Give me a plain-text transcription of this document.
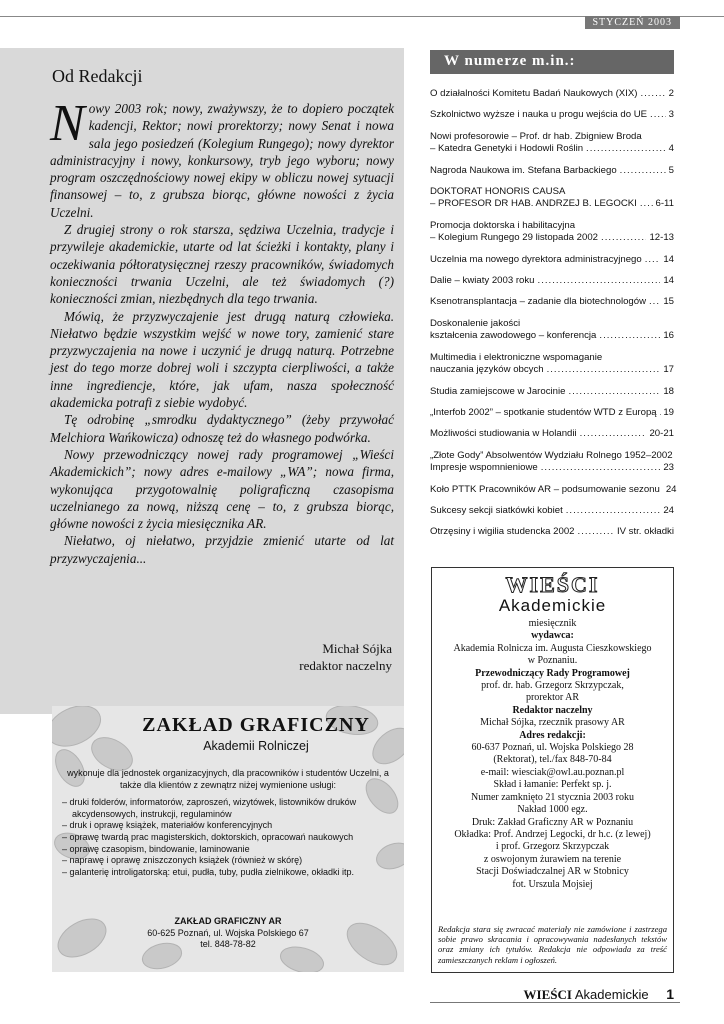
STYCZEŃ 2003
Od Redakcji

Nowy 2003 rok; nowy, zważywszy, że to dopiero początek kadencji, Rektor; nowi prorektorzy; nowy Senat i nowa sala jego posiedzeń (Kolegium Rungego); nowy dyrektor administracyjny i nowy, konkursowy, tryb jego wyboru; nowy program oszczędnościowy nowej ekipy w obliczu nowej sytuacji finansowej – to, z grubsza biorąc, główne nowości z życia Uczelni.

Z drugiej strony o rok starsza, sędziwa Uczelnia, tradycje i przywileje akademickie, utarte od lat ścieżki i kontakty, plany i oczekiwania półtoratysięcznej rzeszy pracowników, świadomych konieczności trwania Uczelni, ale też świadomych (?) konieczności zmian, niezbędnych dla tego trwania.

Mówią, że przyzwyczajenie jest drugą naturą człowieka. Niełatwo będzie wszystkim wejść w nowe tory, zamienić stare przyzwyczajenia na nowe i uczynić je drugą naturą. Potrzebne jest do tego morze dobrej woli i szczypta cierpliwości, a także inne ingrediencje, które, jak ufam, nasza społeczność akademicka potrafi z siebie wydobyć.

Tę odrobinę „smrodku dydaktycznego” (żeby przywołać Melchiora Wańkowicza) odnoszę też do własnego podwórka.

Nowy przewodniczący nowej rady programowej „Wieści Akademickich”; nowy adres e-mailowy „WA”; nowa firma, wykonująca przygotowalnię poligraficzną czasopisma uczelnianego za nową, niższą cenę – to, z grubsza biorąc, główne nowości z życia miesięcznika AR.

Niełatwo, oj niełatwo, przyjdzie zmienić utarte od lat przyzwyczajenia...

Michał Sójka
redaktor naczelny
ZAKŁAD GRAFICZNY
Akademii Rolniczej
wykonuje dla jednostek organizacyjnych, dla pracowników i studentów Uczelni, a także dla klientów z zewnątrz niżej wymienione usługi:
– druki folderów, informatorów, zaproszeń, wizytówek, listowników druków akcydensowych, instrukcji, regulaminów
– druk i oprawę książek, materiałów konferencyjnych
– oprawę twardą prac magisterskich, doktorskich, opracowań naukowych
– oprawę czasopism, bindowanie, laminowanie
– naprawę i oprawę zniszczonych książek (również w skórę)
– galanterię introligatorską: etui, pudła, tuby, pudła zielnikowe, okładki itp.
ZAKŁAD GRAFICZNY AR
60-625 Poznań, ul. Wojska Polskiego 67
tel. 848-78-82
W numerze m.in.:
O działalności Komitetu Badań Naukowych (XIX) .....	2
Szkolnictwo wyższe i nauka u progu wejścia do UE ..... 3
Nowi profesorowie – Prof. dr hab. Zbigniew Broda
– Katedra Genetyki i Hodowli Roślin .....	4
Nagroda Naukowa im. Stefana Barbackiego .....	5
DOKTORAT HONORIS CAUSA
– PROFESOR DR HAB. ANDRZEJ B. LEGOCKI ..... 6-11
Promocja doktorska i habilitacyjna
– Kolegium Rungego 29 listopada 2002 .....	12-13
Uczelnia ma nowego dyrektora administracyjnego ..... 14
Dalie – kwiaty 2003 roku .....	14
Ksenotransplantacja – zadanie dla biotechnologów ..... 15
Doskonalenie jakości
kształcenia zawodowego – konferencja .....	16
Multimedia i elektroniczne wspomaganie
nauczania języków obcych .....	17
Studia zamiejscowe w Jarocinie .....	18
„Interfob 2002” – spotkanie studentów WTD z Europą ..... 19
Możliwości studiowania w Holandii .....	20-21
„Złote Gody” Absolwentów Wydziału Rolnego 1952–2002
Impresje wspomnieniowe .....	23
Koło PTTK Pracowników AR – podsumowanie sezonu 24
Sukcesy sekcji siatkówki kobiet .....	24
Otrzęsiny i wigilia studencka 2002 .....	IV str. okładki
WIEŚCI
Akademickie
miesięcznik
wydawca:
Akademia Rolnicza im. Augusta Cieszkowskiego
w Poznaniu.
Przewodniczący Rady Programowej
prof. dr. hab. Grzegorz Skrzypczak,
prorektor AR
Redaktor naczelny
Michał Sójka, rzecznik prasowy AR
Adres redakcji:
60-637 Poznań, ul. Wojska Polskiego 28
(Rektorat), tel./fax 848-70-84
e-mail: wiesciak@owl.au.poznan.pl
Skład i łamanie: Perfekt sp. j.
Numer zamknięto 21 stycznia 2003 roku
Nakład 1000 egz.
Druk: Zakład Graficzny AR w Poznaniu
Okładka: Prof. Andrzej Legocki, dr h.c. (z lewej)
i prof. Grzegorz Skrzypczak
z oswojonym żurawiem na terenie
Stacji Doświadczalnej AR w Stobnicy
fot. Urszula Mojsiej
Redakcja stara się zwracać materiały nie zamówione i zastrzega sobie prawo skracania i opracowywania nadesłanych tekstów oraz zmiany ich tytułów. Redakcja nie odpowiada za treść zamieszczanych reklam i ogłoszeń.
WIEŚCI Akademickie 1
